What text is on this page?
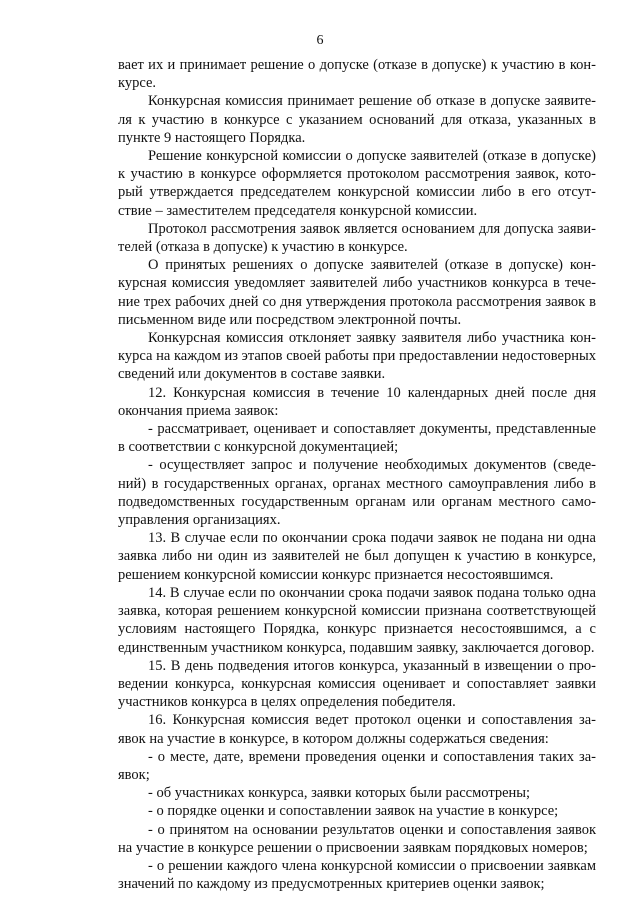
6

вает их и принимает решение о допуске (отказе в допуске) к участию в конкурсе.

Конкурсная комиссия принимает решение об отказе в допуске заявителя к участию в конкурсе с указанием оснований для отказа, указанных в пункте 9 настоящего Порядка.

Решение конкурсной комиссии о допуске заявителей (отказе в допуске) к участию в конкурсе оформляется протоколом рассмотрения заявок, который утверждается председателем конкурсной комиссии либо в его отсутствие – заместителем председателя конкурсной комиссии.

Протокол рассмотрения заявок является основанием для допуска заявителей (отказа в допуске) к участию в конкурсе.

О принятых решениях о допуске заявителей (отказе в допуске) конкурсная комиссия уведомляет заявителей либо участников конкурса в течение трех рабочих дней со дня утверждения протокола рассмотрения заявок в письменном виде или посредством электронной почты.

Конкурсная комиссия отклоняет заявку заявителя либо участника конкурса на каждом из этапов своей работы при предоставлении недостоверных сведений или документов в составе заявки.

12. Конкурсная комиссия в течение 10 календарных дней после дня окончания приема заявок:

- рассматривает, оценивает и сопоставляет документы, представленные в соответствии с конкурсной документацией;

- осуществляет запрос и получение необходимых документов (сведений) в государственных органах, органах местного самоуправления либо в подведомственных государственным органам или органам местного самоуправления организациях.

13. В случае если по окончании срока подачи заявок не подана ни одна заявка либо ни один из заявителей не был допущен к участию в конкурсе, решением конкурсной комиссии конкурс признается несостоявшимся.

14. В случае если по окончании срока подачи заявок подана только одна заявка, которая решением конкурсной комиссии признана соответствующей условиям настоящего Порядка, конкурс признается несостоявшимся, а с единственным участником конкурса, подавшим заявку, заключается договор.

15. В день подведения итогов конкурса, указанный в извещении о проведении конкурса, конкурсная комиссия оценивает и сопоставляет заявки участников конкурса в целях определения победителя.

16. Конкурсная комиссия ведет протокол оценки и сопоставления заявок на участие в конкурсе, в котором должны содержаться сведения:

- о месте, дате, времени проведения оценки и сопоставления таких заявок;

- об участниках конкурса, заявки которых были рассмотрены;

- о порядке оценки и сопоставлении заявок на участие в конкурсе;

- о принятом на основании результатов оценки и сопоставления заявок на участие в конкурсе решении о присвоении заявкам порядковых номеров;

- о решении каждого члена конкурсной комиссии о присвоении заявкам значений по каждому из предусмотренных критериев оценки заявок;
